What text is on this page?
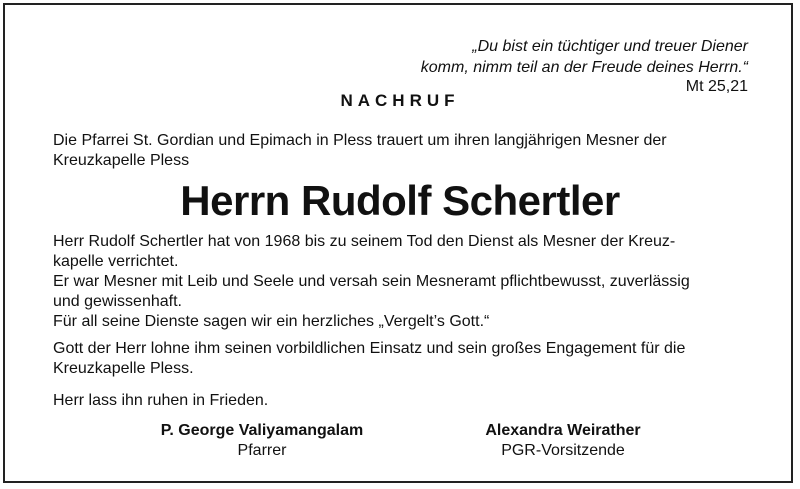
„Du bist ein tüchtiger und treuer Diener
komm, nimm teil an der Freude deines Herrn.“
Mt 25,21
NACHRUF

Die Pfarrei St. Gordian und Epimach in Pless trauert um ihren langjährigen Mesner der
Kreuzkapelle Pless

Herrn Rudolf Schertler

Herr Rudolf Schertler hat von 1968 bis zu seinem Tod den Dienst als Mesner der Kreuz-
kapelle verrichtet.
Er war Mesner mit Leib und Seele und versah sein Mesneramt pflichtbewusst, zuverlässig
und gewissenhaft.
Für all seine Dienste sagen wir ein herzliches „Vergelt’s Gott.“

Gott der Herr lohne ihm seinen vorbildlichen Einsatz und sein großes Engagement für die
Kreuzkapelle Pless.

Herr lass ihn ruhen in Frieden.

P. George Valiyamangalam
Pfarrer
Alexandra Weirather
PGR-Vorsitzende
